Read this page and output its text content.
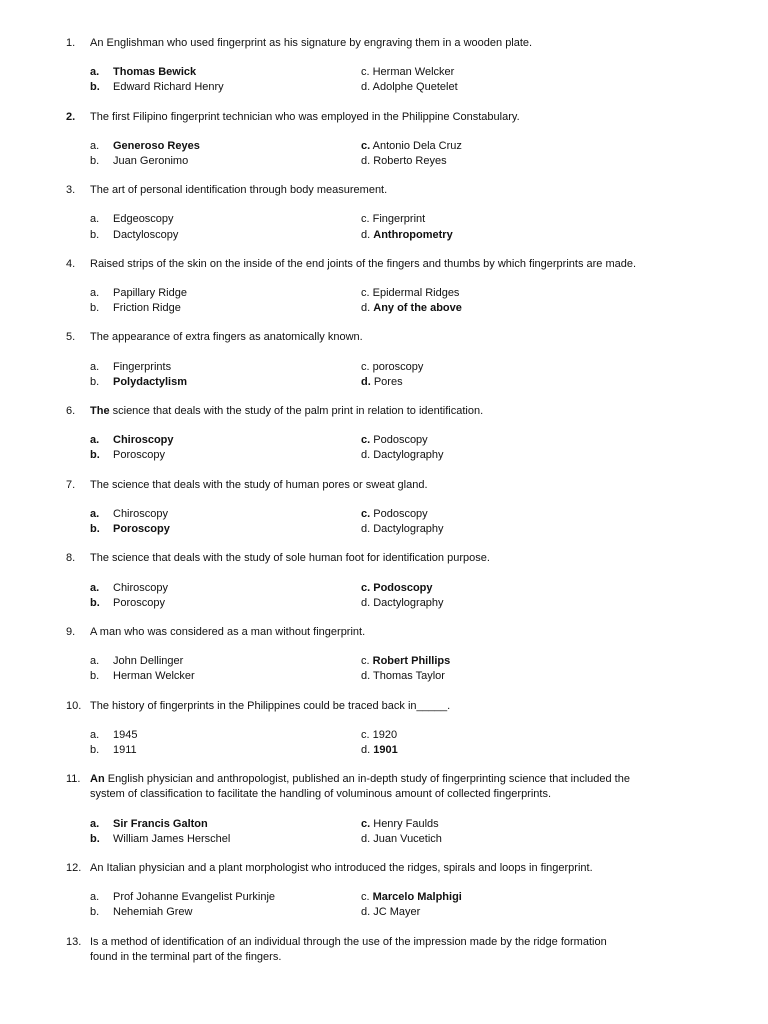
1. An Englishman who used fingerprint as his signature by engraving them in a wooden plate.
a. Thomas Bewick	c. Herman Welcker
b. Edward Richard Henry	d. Adolphe Quetelet
2. The first Filipino fingerprint technician who was employed in the Philippine Constabulary.
a. Generoso Reyes	c. Antonio Dela Cruz
b. Juan Geronimo	d. Roberto Reyes
3. The art of personal identification through body measurement.
a. Edgeoscopy	c. Fingerprint
b. Dactyloscopy	d. Anthropometry
4. Raised strips of the skin on the inside of the end joints of the fingers and thumbs by which fingerprints are made.
a. Papillary Ridge	c. Epidermal Ridges
b. Friction Ridge	d. Any of the above
5. The appearance of extra fingers as anatomically known.
a. Fingerprints	c. poroscopy
b. Polydactylism	d. Pores
6. The science that deals with the study of the palm print in relation to identification.
a. Chiroscopy	c. Podoscopy
b. Poroscopy	d. Dactylography
7. The science that deals with the study of human pores or sweat gland.
a. Chiroscopy	c. Podoscopy
b. Poroscopy	d. Dactylography
8. The science that deals with the study of sole human foot for identification purpose.
a. Chiroscopy	c. Podoscopy
b. Poroscopy	d. Dactylography
9. A man who was considered as a man without fingerprint.
a. John Dellinger	c. Robert Phillips
b. Herman Welcker	d. Thomas Taylor
10. The history of fingerprints in the Philippines could be traced back in_____.
a. 1945	c. 1920
b. 1911	d. 1901
11. An English physician and anthropologist, published an in-depth study of fingerprinting science that included the
system of classification to facilitate the handling of voluminous amount of collected fingerprints.
a. Sir Francis Galton	c. Henry Faulds
b. William James Herschel	d. Juan Vucetich
12. An Italian physician and a plant morphologist who introduced the ridges, spirals and loops in fingerprint.
a. Prof Johanne Evangelist Purkinje	c. Marcelo Malphigi
b. Nehemiah Grew	d. JC Mayer
13. Is a method of identification of an individual through the use of the impression made by the ridge formation
found in the terminal part of the fingers.
